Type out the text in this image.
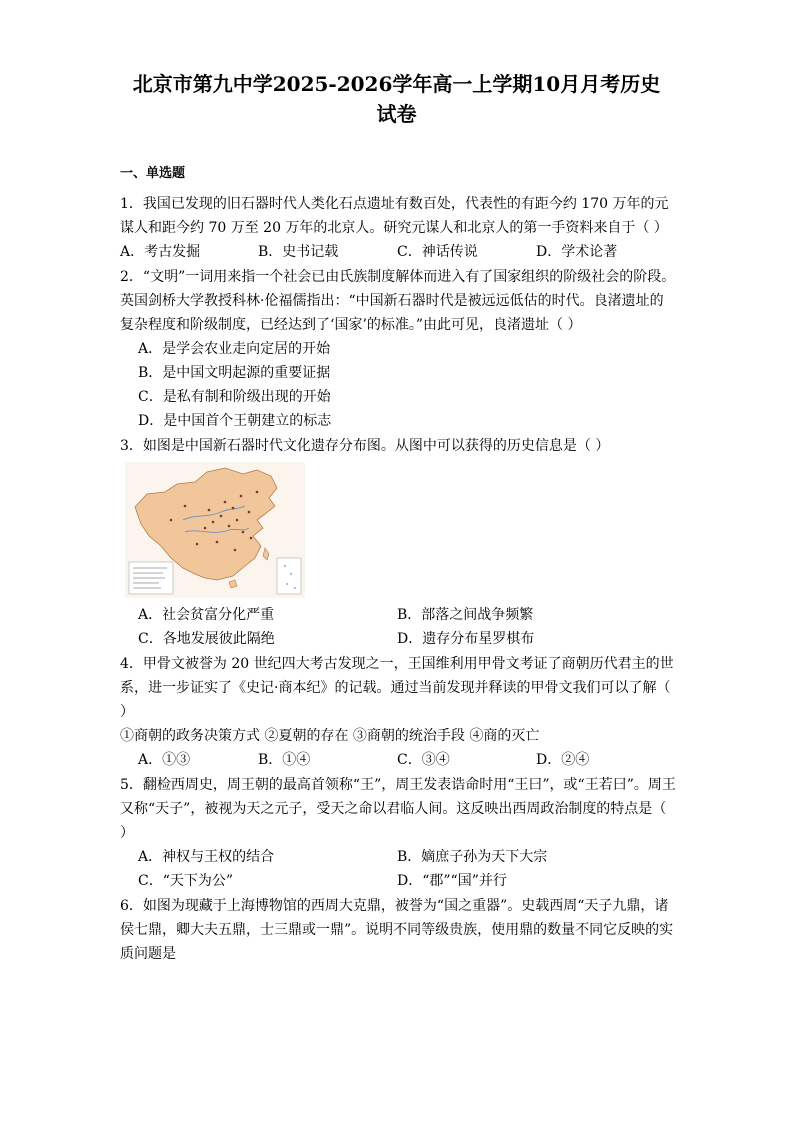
北京市第九中学2025-2026学年高一上学期10月月考历史
试卷
一、单选题
1．我国已发现的旧石器时代人类化石点遗址有数百处，代表性的有距今约 170 万年的元
谋人和距今约 70 万至 20 万年的北京人。研究元谋人和北京人的第一手资料来自于（ ）
A．考古发掘	B．史书记载	C．神话传说	D．学术论著
2．“文明”一词用来指一个社会已由氏族制度解体而进入有了国家组织的阶级社会的阶段。
英国剑桥大学教授科林·伦福儒指出：“中国新石器时代是被远远低估的时代。良渚遗址的
复杂程度和阶级制度，已经达到了‘国家’的标准。”由此可见，良渚遗址（ ）
A．是学会农业走向定居的开始
B．是中国文明起源的重要证据
C．是私有制和阶级出现的开始
D．是中国首个王朝建立的标志
3．如图是中国新石器时代文化遗存分布图。从图中可以获得的历史信息是（ ）
A．社会贫富分化严重	B．部落之间战争频繁
C．各地发展彼此隔绝	D．遗存分布星罗棋布
4．甲骨文被誉为 20 世纪四大考古发现之一，王国维利用甲骨文考证了商朝历代君主的世
系，进一步证实了《史记·商本纪》的记载。通过当前发现并释读的甲骨文我们可以了解（
）
①商朝的政务决策方式 ②夏朝的存在 ③商朝的统治手段 ④商的灭亡
A．①③	B．①④	C．③④	D．②④
5．翻检西周史，周王朝的最高首领称“王”，周王发表诰命时用“王曰”，或“王若曰”。周王
又称“天子”，被视为天之元子，受天之命以君临人间。这反映出西周政治制度的特点是（
）
A．神权与王权的结合	B．嫡庶子孙为天下大宗
C．“天下为公”	D．“郡”“国”并行
6．如图为现藏于上海博物馆的西周大克鼎，被誉为“国之重器”。史载西周“天子九鼎，诸
侯七鼎，卿大夫五鼎，士三鼎或一鼎”。说明不同等级贵族，使用鼎的数量不同它反映的实
质问题是
